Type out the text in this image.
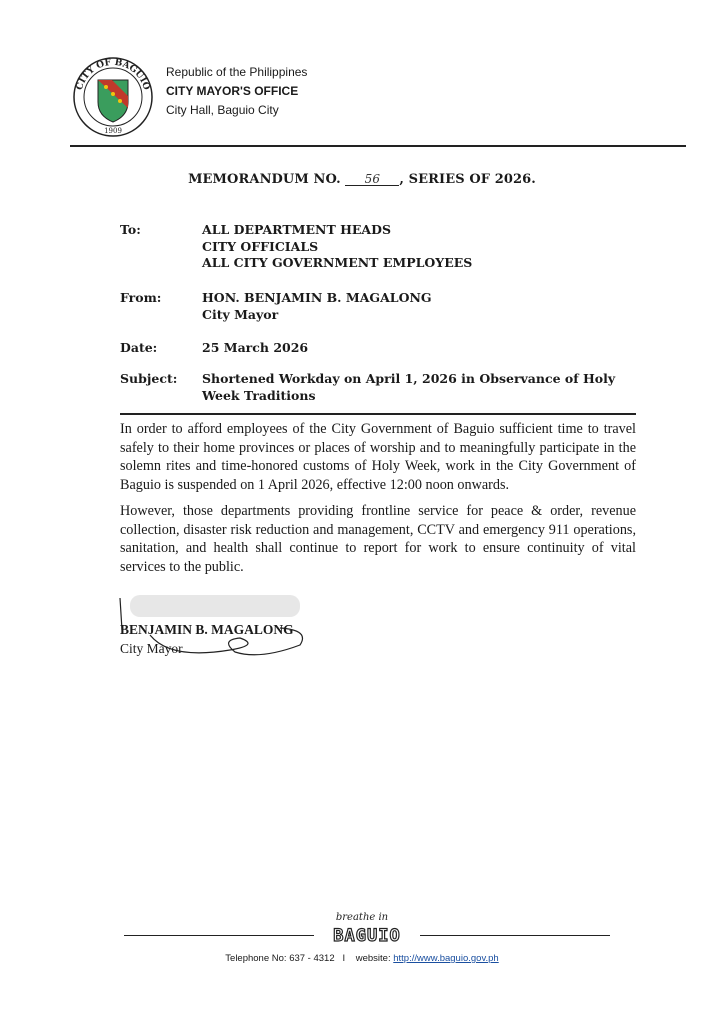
CITY OF BAGUIO
1909
Republic of the Philippines
CITY MAYOR'S OFFICE
City Hall, Baguio City
MEMORANDUM NO. 56 , SERIES OF 2026.
To:	ALL DEPARTMENT HEADS
CITY OFFICIALS
ALL CITY GOVERNMENT EMPLOYEES
From:	HON. BENJAMIN B. MAGALONG
City Mayor
Date:	25 March 2026
Subject: Shortened Workday on April 1, 2026 in Observance of Holy Week Traditions
In order to afford employees of the City Government of Baguio sufficient time to travel safely to their home provinces or places of worship and to meaningfully participate in the solemn rites and time-honored customs of Holy Week, work in the City Government of Baguio is suspended on 1 April 2026, effective 12:00 noon onwards.
However, those departments providing frontline service for peace & order, revenue collection, disaster risk reduction and management, CCTV and emergency 911 operations, sanitation, and health shall continue to report for work to ensure continuity of vital services to the public.
BENJAMIN B. MAGALONG
City Mayor
breathe in
BAGUIO
Telephone No: 637 - 4312 I website: http://www.baguio.gov.ph
